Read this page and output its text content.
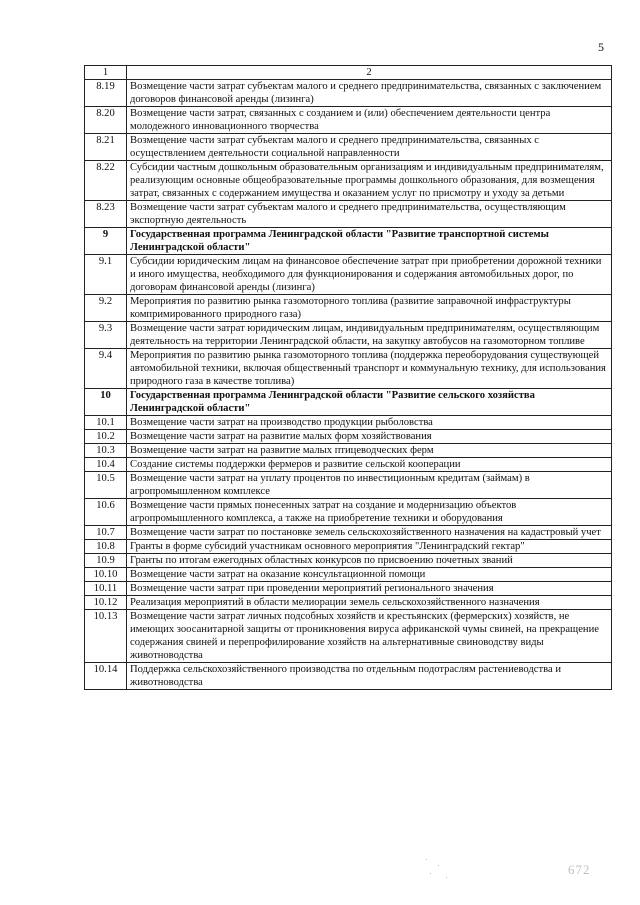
5
1	2
8.19	Возмещение части затрат субъектам малого и среднего предпринимательства, связанных с заключением договоров финансовой аренды (лизинга)
8.20	Возмещение части затрат, связанных с созданием и (или) обеспечением деятельности центра молодежного инновационного творчества
8.21	Возмещение части затрат субъектам малого и среднего предпринимательства, связанных с осуществлением деятельности социальной направленности
8.22	Субсидии частным дошкольным образовательным организациям и индивидуальным предпринимателям, реализующим основные общеобразовательные программы дошкольного образования, для возмещения затрат, связанных с содержанием имущества и оказанием услуг по присмотру и уходу за детьми
8.23	Возмещение части затрат субъектам малого и среднего предпринимательства, осуществляющим экспортную деятельность
9	Государственная программа Ленинградской области "Развитие транспортной системы Ленинградской области"
9.1	Субсидии юридическим лицам на финансовое обеспечение затрат при приобретении дорожной техники и иного имущества, необходимого для функционирования и содержания автомобильных дорог, по договорам финансовой аренды (лизинга)
9.2	Мероприятия по развитию рынка газомоторного топлива (развитие заправочной инфраструктуры компримированного природного газа)
9.3	Возмещение части затрат юридическим лицам, индивидуальным предпринимателям, осуществляющим деятельность на территории Ленинградской области, на закупку автобусов на газомоторном топливе
9.4	Мероприятия по развитию рынка газомоторного топлива (поддержка переоборудования существующей автомобильной техники, включая общественный транспорт и коммунальную технику, для использования природного газа в качестве топлива)
10	Государственная программа Ленинградской области "Развитие сельского хозяйства Ленинградской области"
10.1	Возмещение части затрат на производство продукции рыболовства
10.2	Возмещение части затрат на развитие малых форм хозяйствования
10.3	Возмещение части затрат на развитие малых птицеводческих ферм
10.4	Создание системы поддержки фермеров и развитие сельской кооперации
10.5	Возмещение части затрат на уплату процентов по инвестиционным кредитам (займам) в агропромышленном комплексе
10.6	Возмещение части прямых понесенных затрат на создание и модернизацию объектов агропромышленного комплекса, а также на приобретение техники и оборудования
10.7	Возмещение части затрат по постановке земель сельскохозяйственного назначения на кадастровый учет
10.8	Гранты в форме субсидий участникам основного мероприятия "Ленинградский гектар"
10.9	Гранты по итогам ежегодных областных конкурсов по присвоению почетных званий
10.10	Возмещение части затрат на оказание консультационной помощи
10.11	Возмещение части затрат при проведении мероприятий регионального значения
10.12	Реализация мероприятий в области мелиорации земель сельскохозяйственного назначения
10.13	Возмещение части затрат личных подсобных хозяйств и крестьянских (фермерских) хозяйств, не имеющих зоосанитарной защиты от проникновения вируса африканской чумы свиней, на прекращение содержания свиней и перепрофилирование хозяйств на альтернативные свиноводству виды животноводства
10.14	Поддержка сельскохозяйственного производства по отдельным подотраслям растениеводства и животноводства
672
